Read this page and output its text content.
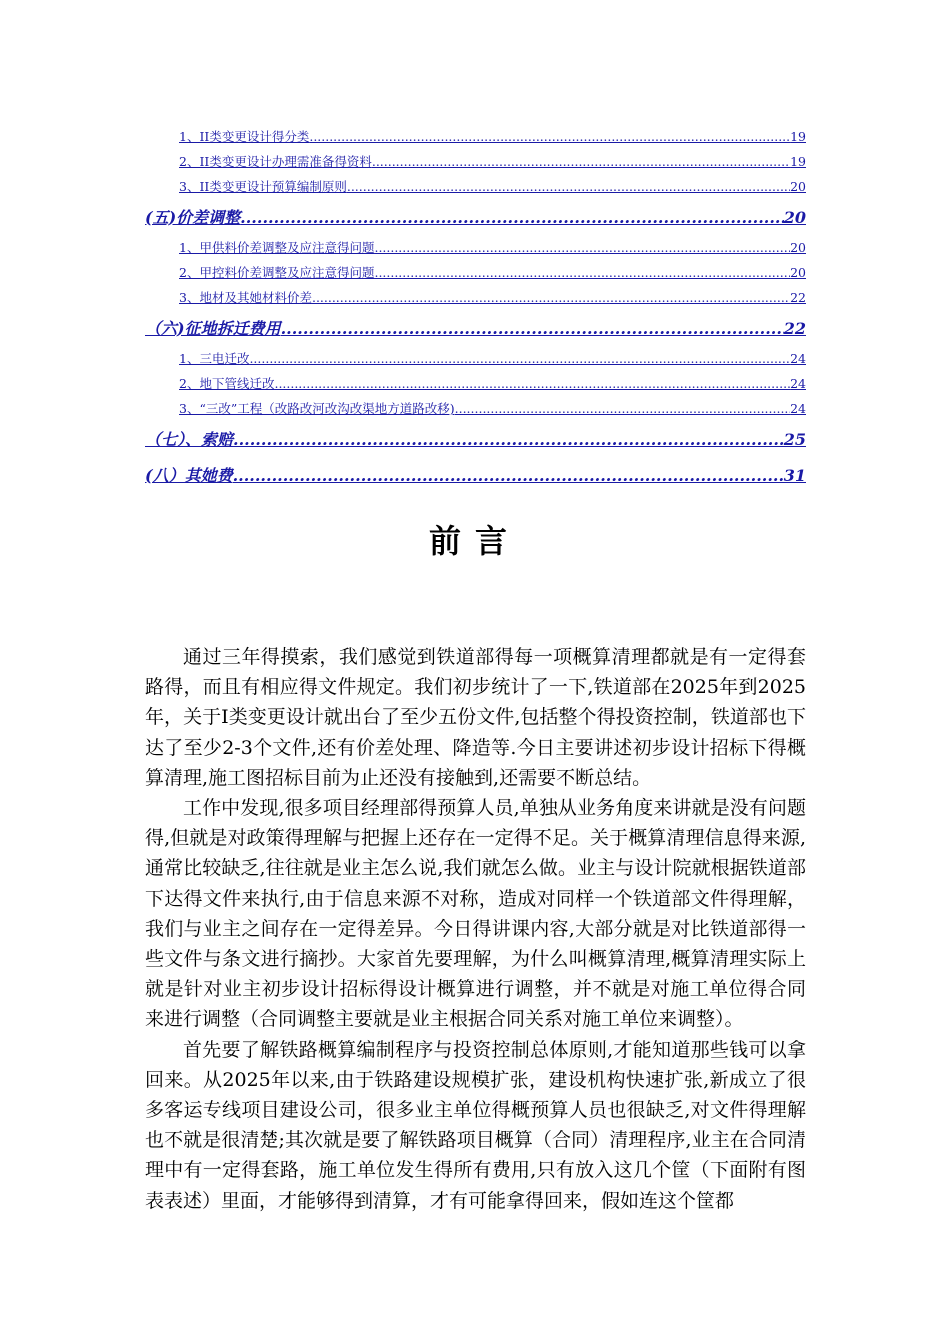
1、II类变更设计得分类 .....	19
2、II类变更设计办理需准备得资料 .....	19
3、II类变更设计预算编制原则 .....	20
(五)价差调整 .....	20
1、甲供料价差调整及应注意得问题 .....	20
2、甲控料价差调整及应注意得问题 .....	20
3、地材及其她材料价差 .....	22
（六)征地拆迁费用 .....	22
1、三电迁改 .....	24
2、地下管线迁改 .....	24
3、“三改”工程（改路改河改沟改渠地方道路改移) .....	24
（七）、索赔 .....	25
(八）其她费 .....	31
前言

通过三年得摸索，我们感觉到铁道部得每一项概算清理都就是有一定得套路得，而且有相应得文件规定。我们初步统计了一下,铁道部在2025年到2025年，关于I类变更设计就出台了至少五份文件,包括整个得投资控制，铁道部也下达了至少2-3个文件,还有价差处理、降造等.今日主要讲述初步设计招标下得概算清理,施工图招标目前为止还没有接触到,还需要不断总结。

工作中发现,很多项目经理部得预算人员,单独从业务角度来讲就是没有问题得,但就是对政策得理解与把握上还存在一定得不足。关于概算清理信息得来源,通常比较缺乏,往往就是业主怎么说,我们就怎么做。业主与设计院就根据铁道部下达得文件来执行,由于信息来源不对称，造成对同样一个铁道部文件得理解，我们与业主之间存在一定得差异。今日得讲课内容,大部分就是对比铁道部得一些文件与条文进行摘抄。大家首先要理解，为什么叫概算清理,概算清理实际上就是针对业主初步设计招标得设计概算进行调整，并不就是对施工单位得合同来进行调整（合同调整主要就是业主根据合同关系对施工单位来调整）。

首先要了解铁路概算编制程序与投资控制总体原则,才能知道那些钱可以拿回来。从2025年以来,由于铁路建设规模扩张，建设机构快速扩张,新成立了很多客运专线项目建设公司，很多业主单位得概预算人员也很缺乏,对文件得理解也不就是很清楚;其次就是要了解铁路项目概算（合同）清理程序,业主在合同清理中有一定得套路，施工单位发生得所有费用,只有放入这几个筐（下面附有图表表述）里面，才能够得到清算，才有可能拿得回来，假如连这个筐都
